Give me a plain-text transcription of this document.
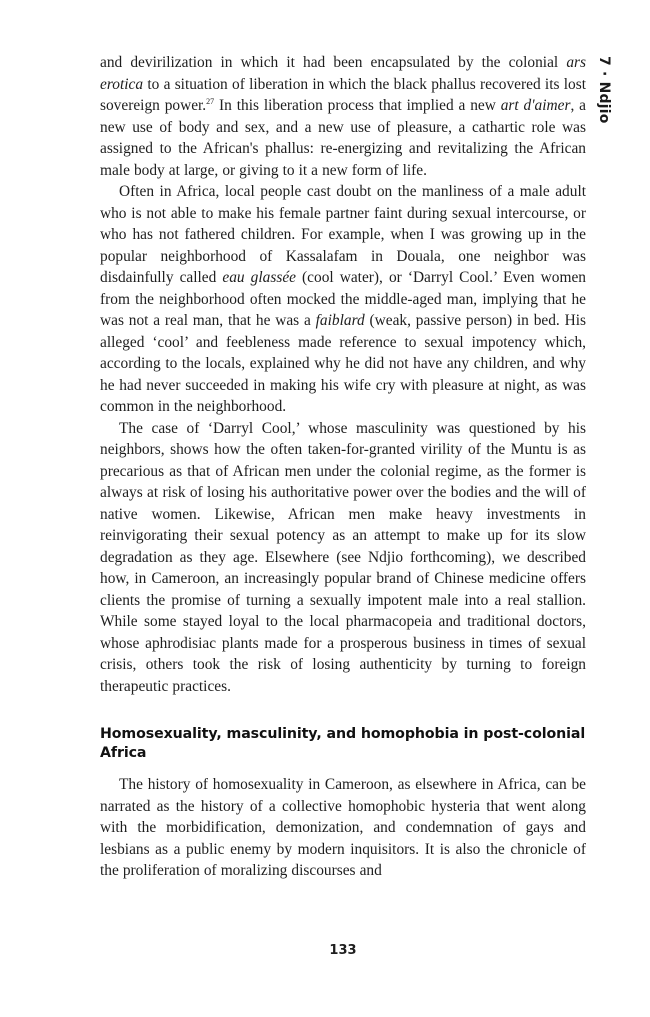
7 · Ndjio

and devirilization in which it had been encapsulated by the colonial ars erotica to a situation of liberation in which the black phallus recovered its lost sovereign power.$^{27}$ In this liberation process that implied a new art d'aimer, a new use of body and sex, and a new use of pleasure, a cathartic role was assigned to the African's phallus: re-energizing and revitalizing the African male body at large, or giving to it a new form of life.

Often in Africa, local people cast doubt on the manliness of a male adult who is not able to make his female partner faint during sexual intercourse, or who has not fathered children. For example, when I was growing up in the popular neighborhood of Kassalafam in Douala, one neighbor was disdainfully called eau glassée (cool water), or ‘Darryl Cool.’ Even women from the neighborhood often mocked the middle-aged man, implying that he was not a real man, that he was a faiblard (weak, passive person) in bed. His alleged ‘cool’ and feebleness made reference to sexual impotency which, according to the locals, explained why he did not have any children, and why he had never succeeded in making his wife cry with pleasure at night, as was common in the neighborhood.

The case of ‘Darryl Cool,’ whose masculinity was questioned by his neighbors, shows how the often taken-for-granted virility of the Muntu is as precarious as that of African men under the colonial regime, as the former is always at risk of losing his authoritative power over the bodies and the will of native women. Likewise, African men make heavy investments in reinvigorating their sexual potency as an attempt to make up for its slow degradation as they age. Elsewhere (see Ndjio forthcoming), we described how, in Cameroon, an increasingly popular brand of Chinese medicine offers clients the promise of turning a sexually impotent male into a real stallion. While some stayed loyal to the local pharmacopeia and traditional doctors, whose aphrodisiac plants made for a prosperous business in times of sexual crisis, others took the risk of losing authenticity by turning to foreign therapeutic practices.

Homosexuality, masculinity, and homophobia in post-colonial Africa

The history of homosexuality in Cameroon, as elsewhere in Africa, can be narrated as the history of a collective homophobic hysteria that went along with the morbidification, demonization, and condemnation of gays and lesbians as a public enemy by modern inquisitors. It is also the chronicle of the proliferation of moralizing discourses and

133
